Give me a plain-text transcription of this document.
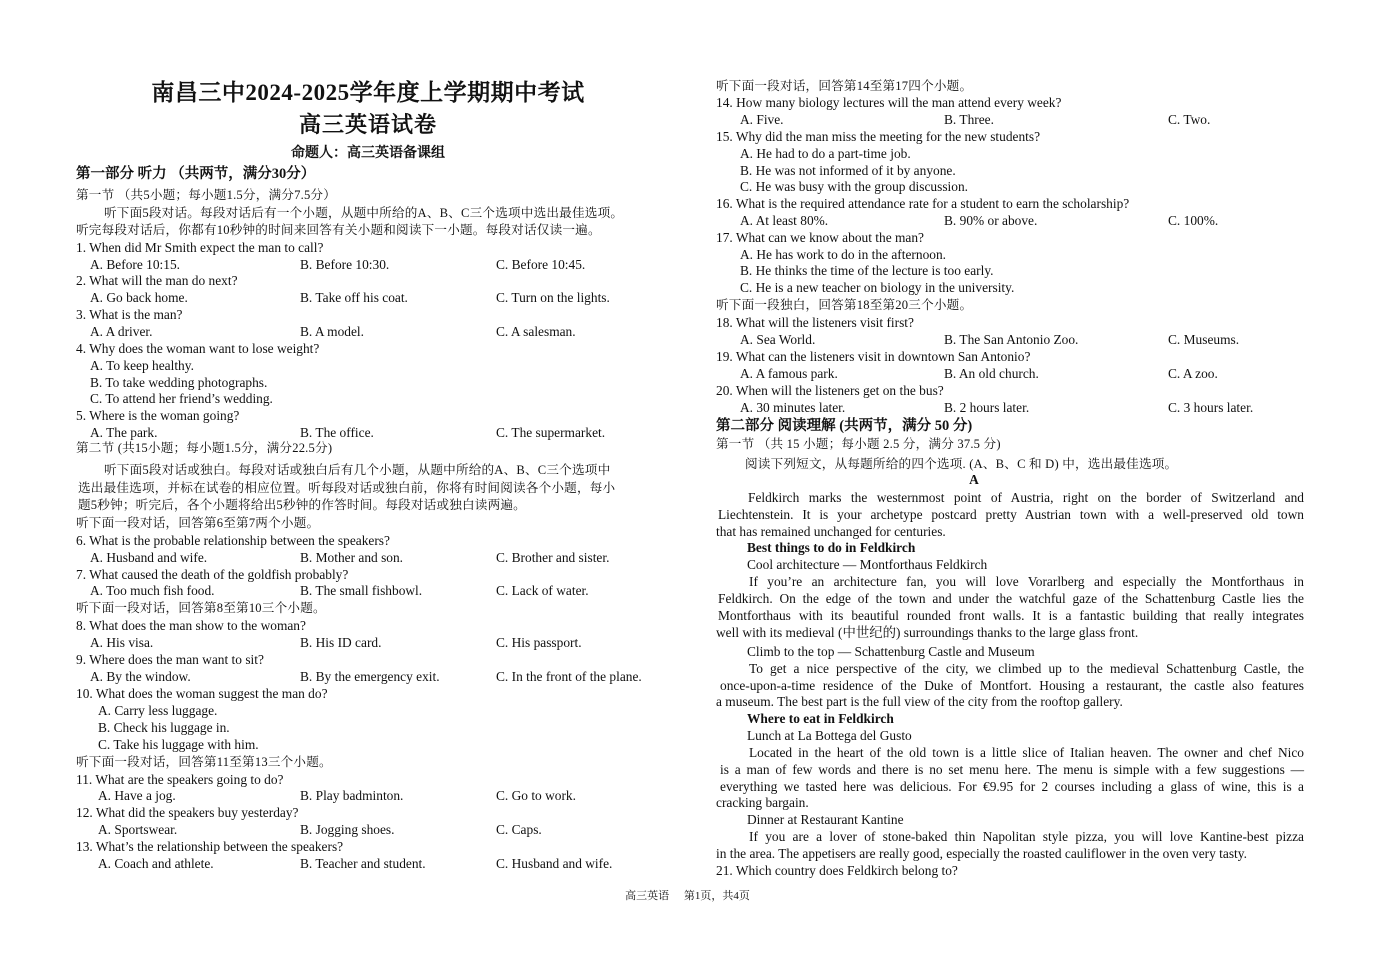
南昌三中2024-2025学年度上学期期中考试
高三英语试卷
命题人：高三英语备课组
第一部分 听力 （共两节，满分30分）
第一节 （共5小题；每小题1.5分，满分7.5分）
听下面5段对话。每段对话后有一个小题，从题中所给的A、B、C三个选项中选出最佳选项。
听完每段对话后，你都有10秒钟的时间来回答有关小题和阅读下一小题。每段对话仅读一遍。
1. When did Mr Smith expect the man to call?
A. Before 10:15.	B. Before 10:30.	C. Before 10:45.
2. What will the man do next?
A. Go back home.	B. Take off his coat.	C. Turn on the lights.
3. What is the man?
A. A driver.	B. A model.	C. A salesman.
4. Why does the woman want to lose weight?
A. To keep healthy.
B. To take wedding photographs.
C. To attend her friend’s wedding.
5. Where is the woman going?
A. The park.	B. The office.	C. The supermarket.
第二节 (共15小题；每小题1.5分，满分22.5分)
听下面5段对话或独白。每段对话或独白后有几个小题，从题中所给的A、B、C三个选项中
选出最佳选项，并标在试卷的相应位置。听每段对话或独白前，你将有时间阅读各个小题，每小
题5秒钟；听完后，各个小题将给出5秒钟的作答时间。每段对话或独白读两遍。
听下面一段对话，回答第6至第7两个小题。
6. What is the probable relationship between the speakers?
A. Husband and wife.	B. Mother and son.	C. Brother and sister.
7. What caused the death of the goldfish probably?
A. Too much fish food.	B. The small fishbowl.	C. Lack of water.
听下面一段对话，回答第8至第10三个小题。
8. What does the man show to the woman?
A. His visa.	B. His ID card.	C. His passport.
9. Where does the man want to sit?
A. By the window.	B. By the emergency exit.	C. In the front of the plane.
10. What does the woman suggest the man do?
A. Carry less luggage.
B. Check his luggage in.
C. Take his luggage with him.
听下面一段对话，回答第11至第13三个小题。
11. What are the speakers going to do?
A. Have a jog.	B. Play badminton.	C. Go to work.
12. What did the speakers buy yesterday?
A. Sportswear.	B. Jogging shoes.	C. Caps.
13. What’s the relationship between the speakers?
A. Coach and athlete.	B. Teacher and student.	C. Husband and wife.
听下面一段对话，回答第14至第17四个小题。
14. How many biology lectures will the man attend every week?
A. Five.	B. Three.	C. Two.
15. Why did the man miss the meeting for the new students?
A. He had to do a part-time job.
B. He was not informed of it by anyone.
C. He was busy with the group discussion.
16. What is the required attendance rate for a student to earn the scholarship?
A. At least 80%.	B. 90% or above.	C. 100%.
17. What can we know about the man?
A. He has work to do in the afternoon.
B. He thinks the time of the lecture is too early.
C. He is a new teacher on biology in the university.
听下面一段独白，回答第18至第20三个小题。
18. What will the listeners visit first?
A. Sea World.	B. The San Antonio Zoo.	C. Museums.
19. What can the listeners visit in downtown San Antonio?
A. A famous park.	B. An old church.	C. A zoo.
20. When will the listeners get on the bus?
A. 30 minutes later.	B. 2 hours later.	C. 3 hours later.
第二部分 阅读理解 (共两节，满分 50 分)
第一节 （共 15 小题；每小题 2.5 分，满分 37.5 分)
阅读下列短文，从每题所给的四个选项. (A、B、C 和 D) 中，选出最佳选项。
A
Feldkirch marks the westernmost point of Austria, right on the border of Switzerland and
Liechtenstein. It is your archetype postcard pretty Austrian town with a well-preserved old town
that has remained unchanged for centuries.
Best things to do in Feldkirch
Cool architecture — Montforthaus Feldkirch
If you’re an architecture fan, you will love Vorarlberg and especially the Montforthaus in
Feldkirch. On the edge of the town and under the watchful gaze of the Schattenburg Castle lies the
Montforthaus with its beautiful rounded front walls. It is a fantastic building that really integrates
well with its medieval (中世纪的) surroundings thanks to the large glass front.
Climb to the top — Schattenburg Castle and Museum
To get a nice perspective of the city, we climbed up to the medieval Schattenburg Castle, the
once-upon-a-time residence of the Duke of Montfort. Housing a restaurant, the castle also features
a museum. The best part is the full view of the city from the rooftop gallery.
Where to eat in Feldkirch
Lunch at La Bottega del Gusto
Located in the heart of the old town is a little slice of Italian heaven. The owner and chef Nico
is a man of few words and there is no set menu here. The menu is simple with a few suggestions —
everything we tasted here was delicious. For €9.95 for 2 courses including a glass of wine, this is a
cracking bargain.
Dinner at Restaurant Kantine
If you are a lover of stone-baked thin Napolitan style pizza, you will love Kantine-best pizza
in the area. The appetisers are really good, especially the roasted cauliflower in the oven very tasty.
21. Which country does Feldkirch belong to?
高三英语 第1页，共4页
